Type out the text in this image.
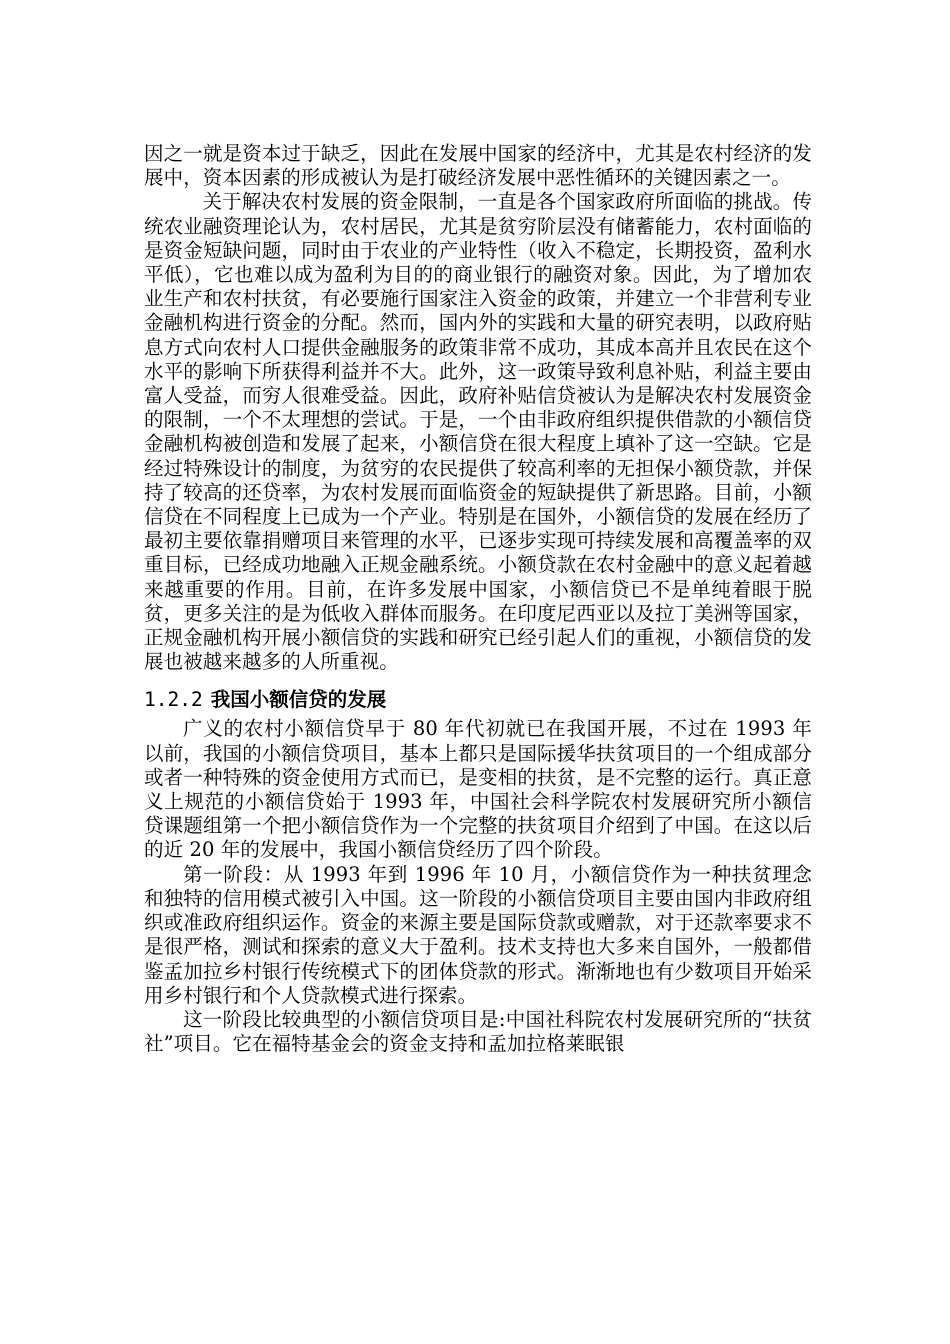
因之一就是资本过于缺乏，因此在发展中国家的经济中，尤其是农村经济的发展中，资本因素的形成被认为是打破经济发展中恶性循环的关键因素之一。

关于解决农村发展的资金限制，一直是各个国家政府所面临的挑战。传统农业融资理论认为，农村居民，尤其是贫穷阶层没有储蓄能力，农村面临的是资金短缺问题，同时由于农业的产业特性（收入不稳定，长期投资，盈利水平低），它也难以成为盈利为目的的商业银行的融资对象。因此，为了增加农业生产和农村扶贫，有必要施行国家注入资金的政策，并建立一个非营利专业金融机构进行资金的分配。然而，国内外的实践和大量的研究表明，以政府贴息方式向农村人口提供金融服务的政策非常不成功，其成本高并且农民在这个水平的影响下所获得利益并不大。此外，这一政策导致利息补贴，利益主要由富人受益，而穷人很难受益。因此，政府补贴信贷被认为是解决农村发展资金的限制，一个不太理想的尝试。于是，一个由非政府组织提供借款的小额信贷金融机构被创造和发展了起来，小额信贷在很大程度上填补了这一空缺。它是经过特殊设计的制度，为贫穷的农民提供了较高利率的无担保小额贷款，并保持了较高的还贷率，为农村发展而面临资金的短缺提供了新思路。目前，小额信贷在不同程度上已成为一个产业。特别是在国外，小额信贷的发展在经历了最初主要依靠捐赠项目来管理的水平，已逐步实现可持续发展和高覆盖率的双重目标，已经成功地融入正规金融系统。小额贷款在农村金融中的意义起着越来越重要的作用。目前，在许多发展中国家，小额信贷已不是单纯着眼于脱贫，更多关注的是为低收入群体而服务。在印度尼西亚以及拉丁美洲等国家，正规金融机构开展小额信贷的实践和研究已经引起人们的重视，小额信贷的发展也被越来越多的人所重视。

1.2.2 我国小额信贷的发展

广义的农村小额信贷早于 80 年代初就已在我国开展，不过在 1993 年以前，我国的小额信贷项目，基本上都只是国际援华扶贫项目的一个组成部分或者一种特殊的资金使用方式而已，是变相的扶贫，是不完整的运行。真正意义上规范的小额信贷始于 1993 年，中国社会科学院农村发展研究所小额信贷课题组第一个把小额信贷作为一个完整的扶贫项目介绍到了中国。在这以后的近 20 年的发展中，我国小额信贷经历了四个阶段。

第一阶段：从 1993 年到 1996 年 10 月，小额信贷作为一种扶贫理念和独特的信用模式被引入中国。这一阶段的小额信贷项目主要由国内非政府组织或准政府组织运作。资金的来源主要是国际贷款或赠款，对于还款率要求不是很严格，测试和探索的意义大于盈利。技术支持也大多来自国外，一般都借鉴孟加拉乡村银行传统模式下的团体贷款的形式。渐渐地也有少数项目开始采用乡村银行和个人贷款模式进行探索。

这一阶段比较典型的小额信贷项目是:中国社科院农村发展研究所的“扶贫社”项目。它在福特基金会的资金支持和孟加拉格莱眠银
